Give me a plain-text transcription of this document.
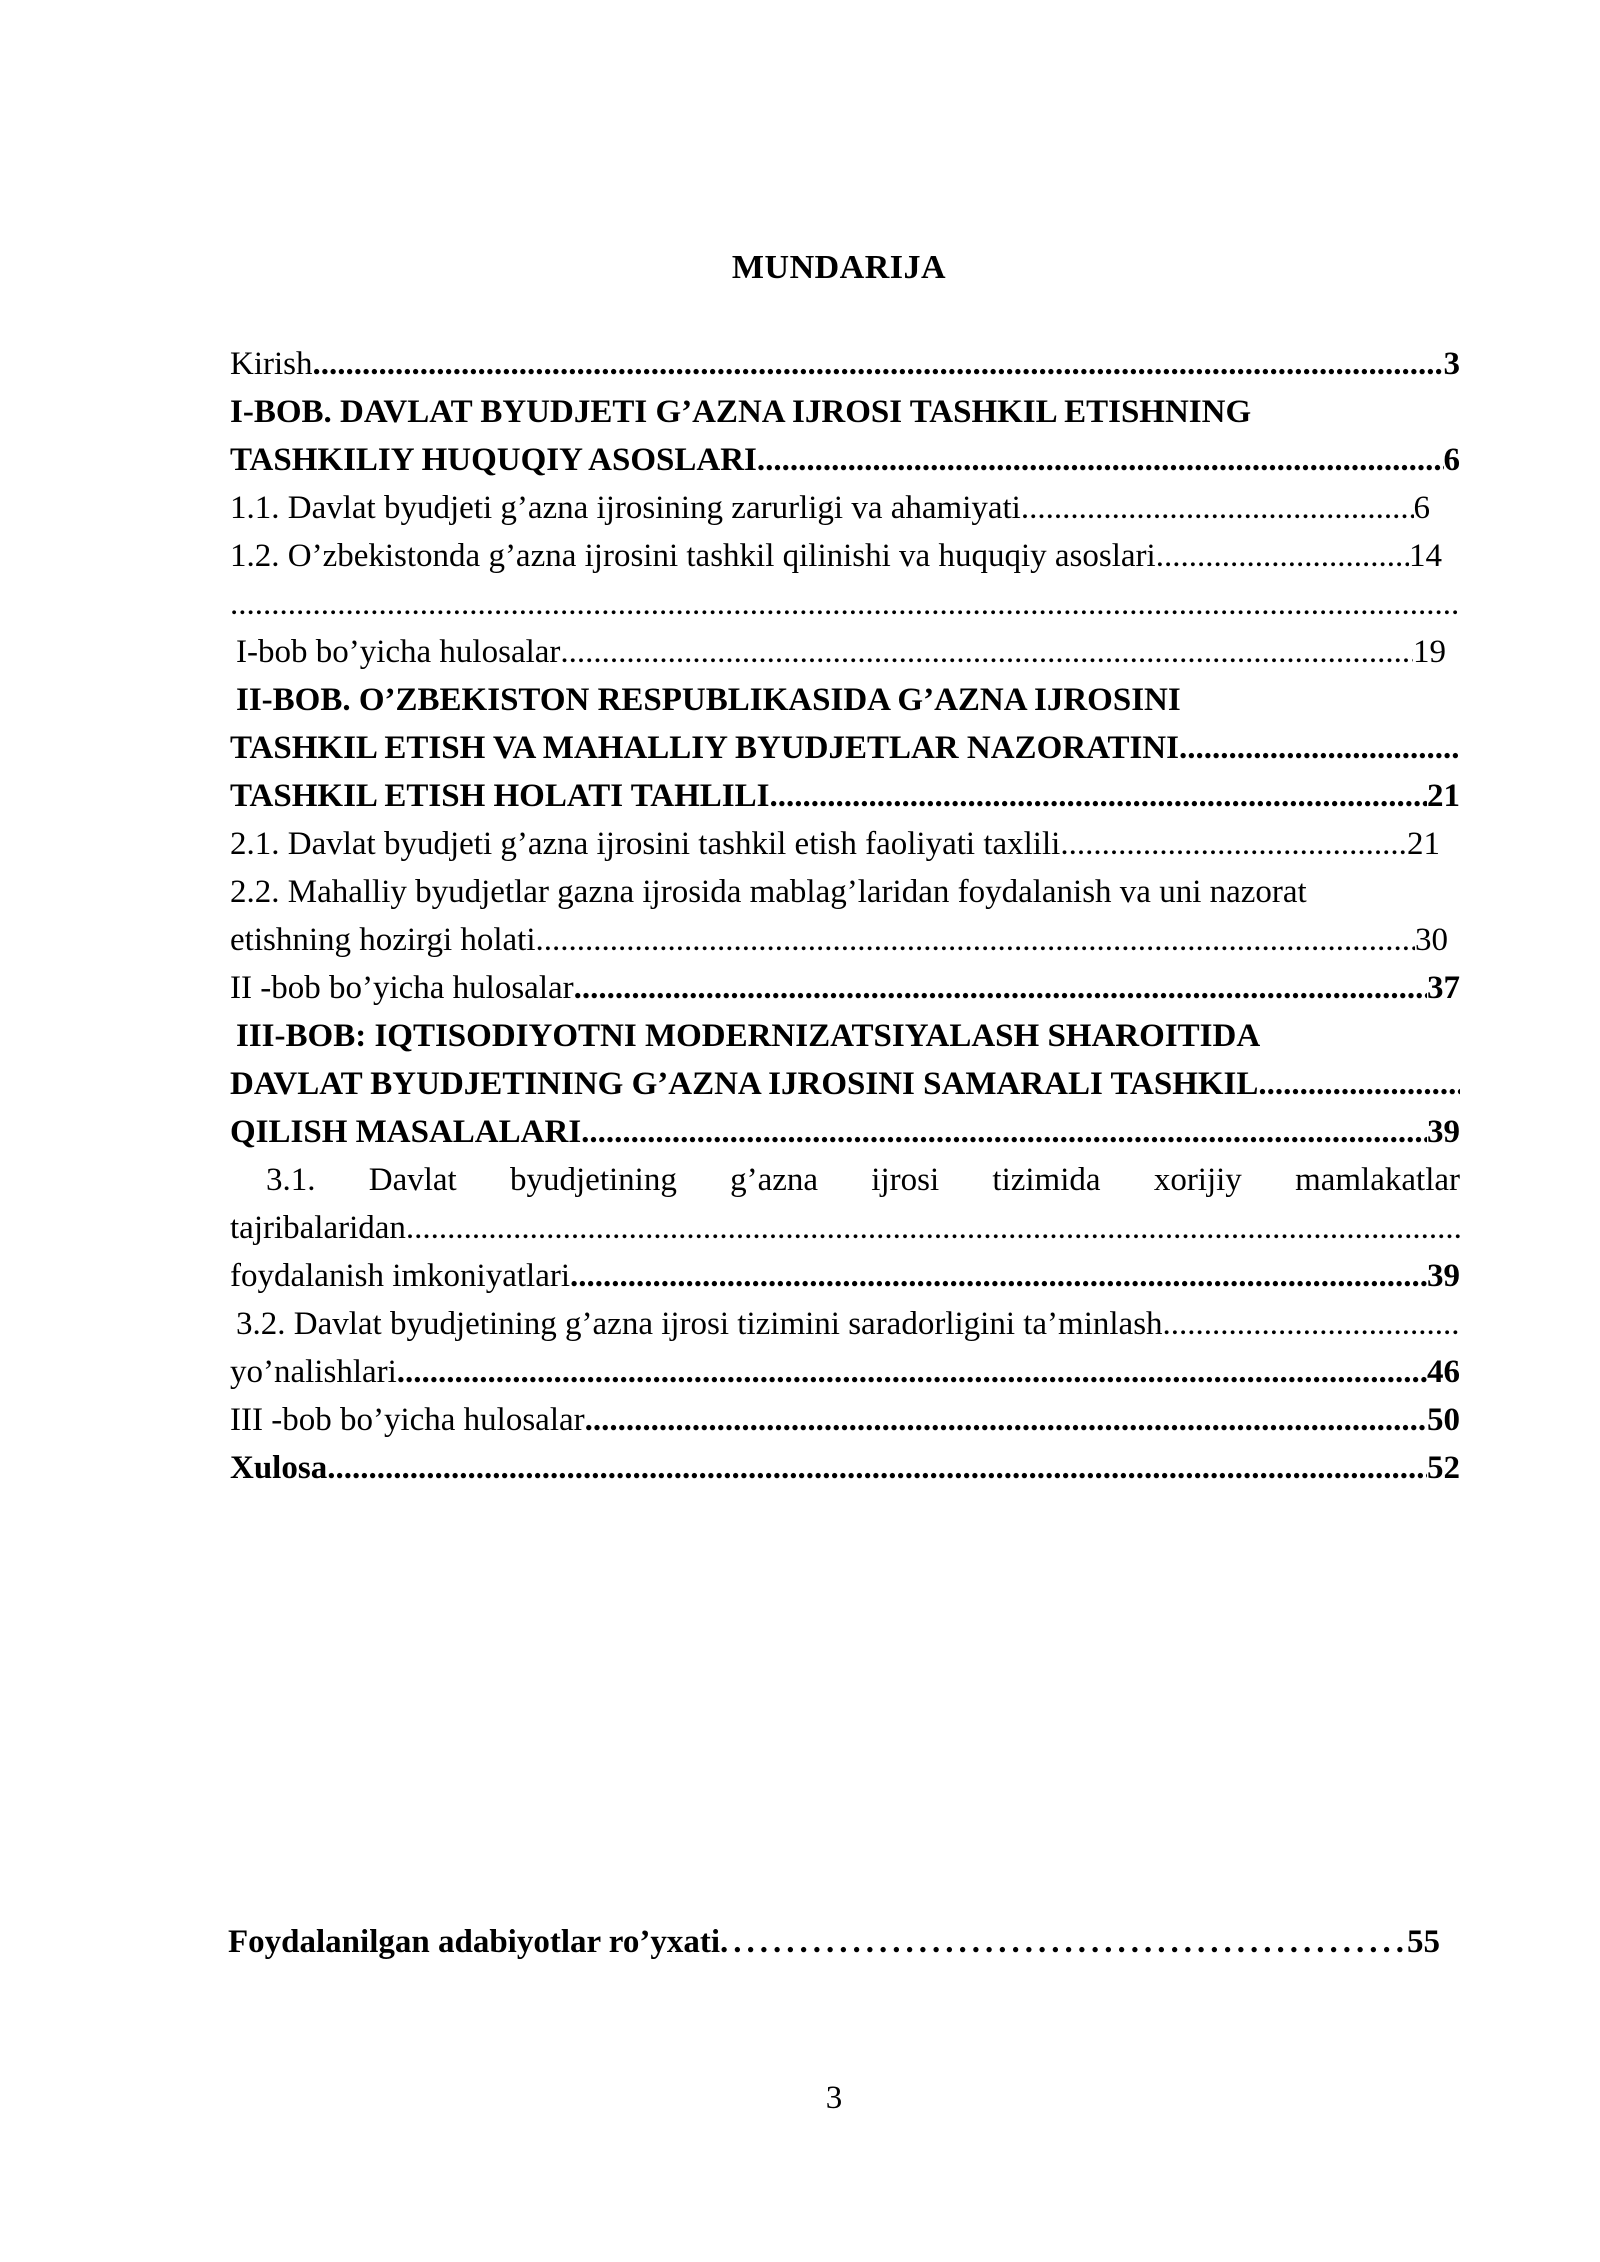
MUNDARIJA
Kirish .....	3
I-BOB. DAVLAT BYUDJETI G’AZNA IJROSI TASHKIL ETISHNING
TASHKILIY HUQUQIY ASOSLARI .....	6
1.1. Davlat byudjeti g’azna ijrosining zarurligi va ahamiyati .....	6
1.2. O’zbekistonda g’azna ijrosini tashkil qilinishi va huquqiy asoslari .....	14
.....
I-bob bo’yicha hulosalar .....	19
II-BOB. O’ZBEKISTON RESPUBLIKASIDA G’AZNA IJROSINI
TASHKIL ETISH VA MAHALLIY BYUDJETLAR NAZORATINI
.....
TASHKIL ETISH HOLATI TAHLILI .....	21
2.1. Davlat byudjeti g’azna ijrosini tashkil etish faoliyati taxlili .....	21
2.2. Mahalliy byudjetlar gazna ijrosida mablag’laridan foydalanish va uni nazorat
etishning hozirgi holati .....	30
II -bob bo’yicha hulosalar .....	37
III-BOB: IQTISODIYOTNI MODERNIZATSIYALASH SHAROITIDA
DAVLAT BYUDJETINING G’AZNA IJROSINI SAMARALI TASHKIL
.....
QILISH MASALALARI .....	39
3.1. Davlat byudjetining g’azna ijrosi tizimida xorijiy mamlakatlar
tajribalaridan
.....
foydalanish imkoniyatlari .....	39
3.2. Davlat byudjetining g’azna ijrosi tizimini saradorligini ta’minlash
.....
yo’nalishlari .....	46
III -bob bo’yicha hulosalar .....	50
Xulosa .....	52
Foydalanilgan adabiyotlar ro’yxati .....	55
3
